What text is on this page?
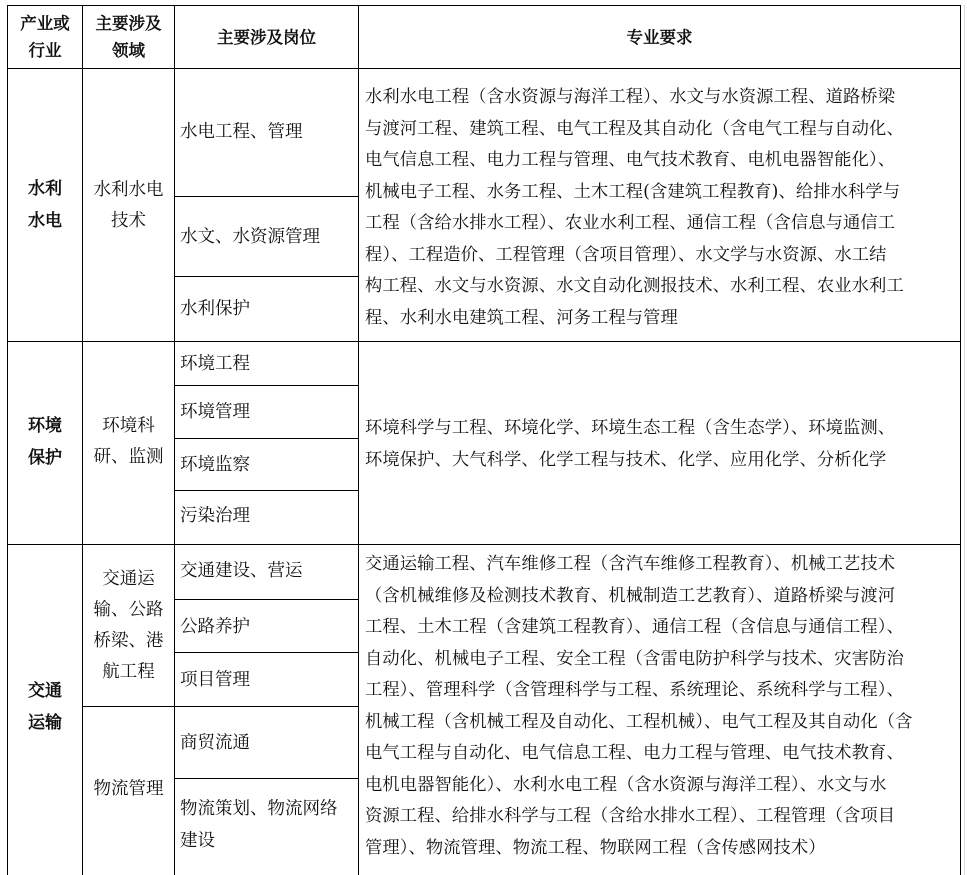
产业或
行业
主要涉及
领域
主要涉及岗位	专业要求
水利
水电
水利水电
技术
水电工程、管理
水文、水资源管理
水利保护
水利水电工程（含水资源与海洋工程）、水文与水资源工程、道路桥梁
与渡河工程、建筑工程、电气工程及其自动化（含电气工程与自动化、
电气信息工程、电力工程与管理、电气技术教育、电机电器智能化）、
机械电子工程、水务工程、土木工程(含建筑工程教育)、给排水科学与
工程（含给水排水工程）、农业水利工程、通信工程（含信息与通信工
程）、工程造价、工程管理（含项目管理）、水文学与水资源、水工结
构工程、水文与水资源、水文自动化测报技术、水利工程、农业水利工
程、水利水电建筑工程、河务工程与管理
环境
保护
环境科
研、监测
环境工程
环境管理
环境监察
污染治理
环境科学与工程、环境化学、环境生态工程（含生态学）、环境监测、
环境保护、大气科学、化学工程与技术、化学、应用化学、分析化学
交通
运输
交通运
输、公路
桥梁、港
航工程
物流管理
交通建设、营运
公路养护
项目管理
商贸流通
物流策划、物流网络
建设
交通运输工程、汽车维修工程（含汽车维修工程教育）、机械工艺技术
（含机械维修及检测技术教育、机械制造工艺教育）、道路桥梁与渡河
工程、土木工程（含建筑工程教育）、通信工程（含信息与通信工程）、
自动化、机械电子工程、安全工程（含雷电防护科学与技术、灾害防治
工程）、管理科学（含管理科学与工程、系统理论、系统科学与工程）、
机械工程（含机械工程及自动化、工程机械）、电气工程及其自动化（含
电气工程与自动化、电气信息工程、电力工程与管理、电气技术教育、
电机电器智能化）、水利水电工程（含水资源与海洋工程）、水文与水
资源工程、给排水科学与工程（含给水排水工程）、工程管理（含项目
管理）、物流管理、物流工程、物联网工程（含传感网技术）
